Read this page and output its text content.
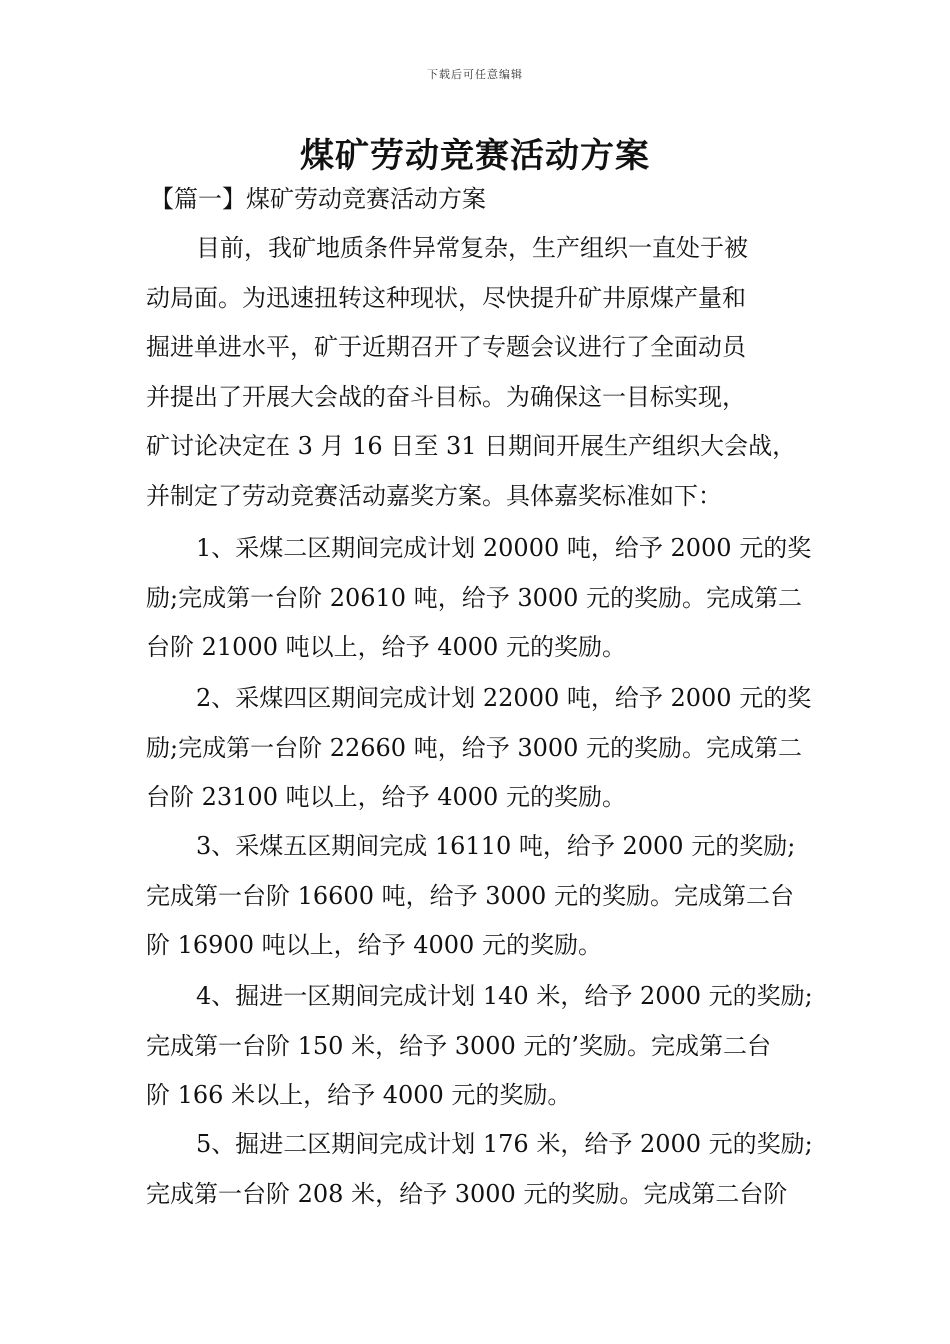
下载后可任意编辑
煤矿劳动竞赛活动方案
【篇一】煤矿劳动竞赛活动方案
目前，我矿地质条件异常复杂，生产组织一直处于被
动局面。为迅速扭转这种现状，尽快提升矿井原煤产量和
掘进单进水平，矿于近期召开了专题会议进行了全面动员
并提出了开展大会战的奋斗目标。为确保这一目标实现，
矿讨论决定在 3 月 16 日至 31 日期间开展生产组织大会战，
并制定了劳动竞赛活动嘉奖方案。具体嘉奖标准如下：
1、采煤二区期间完成计划 20000 吨，给予 2000 元的奖
励;完成第一台阶 20610 吨，给予 3000 元的奖励。完成第二
台阶 21000 吨以上，给予 4000 元的奖励。
2、采煤四区期间完成计划 22000 吨，给予 2000 元的奖
励;完成第一台阶 22660 吨，给予 3000 元的奖励。完成第二
台阶 23100 吨以上，给予 4000 元的奖励。
3、采煤五区期间完成 16110 吨，给予 2000 元的奖励;
完成第一台阶 16600 吨，给予 3000 元的奖励。完成第二台
阶 16900 吨以上，给予 4000 元的奖励。
4、掘进一区期间完成计划 140 米，给予 2000 元的奖励;
完成第一台阶 150 米，给予 3000 元的’奖励。完成第二台
阶 166 米以上，给予 4000 元的奖励。
5、掘进二区期间完成计划 176 米，给予 2000 元的奖励;
完成第一台阶 208 米，给予 3000 元的奖励。完成第二台阶
